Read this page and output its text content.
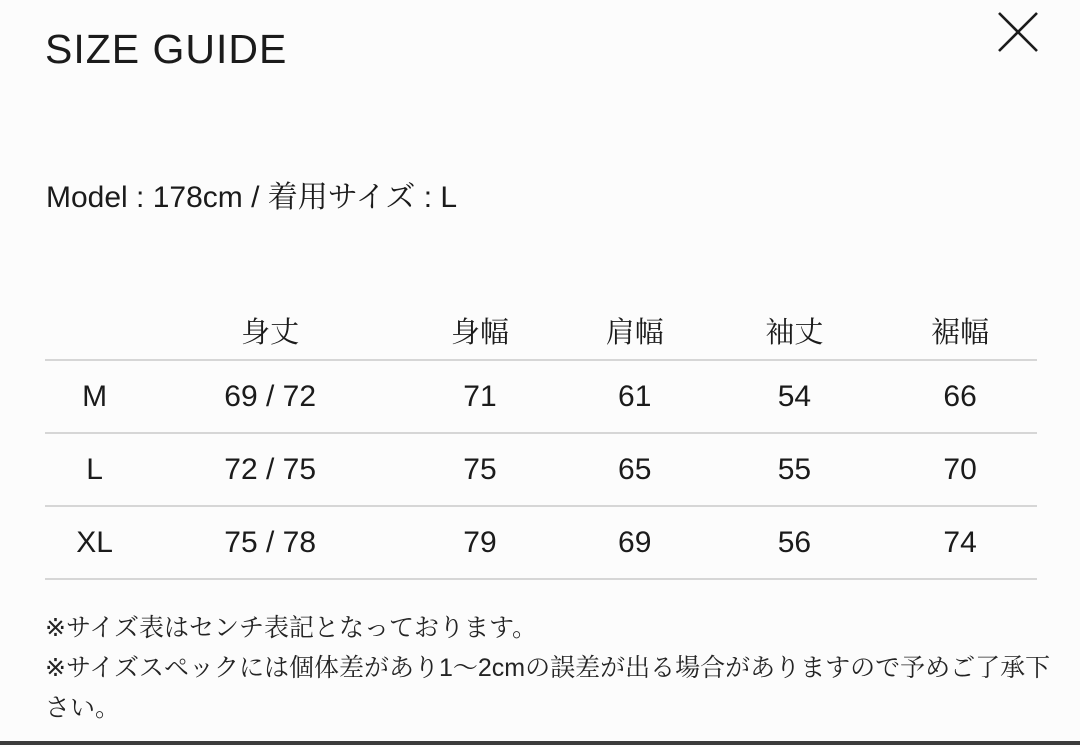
SIZE GUIDE

Model : 178cm / 着用サイズ : L

	身丈	身幅	肩幅	袖丈	裾幅
M	69 / 72	71	61	54	66
L	72 / 75	75	65	55	70
XL	75 / 78	79	69	56	74

※サイズ表はセンチ表記となっております。

※サイズスペックには個体差があり1〜2cmの誤差が出る場合がありますので予めご了承下さい。
